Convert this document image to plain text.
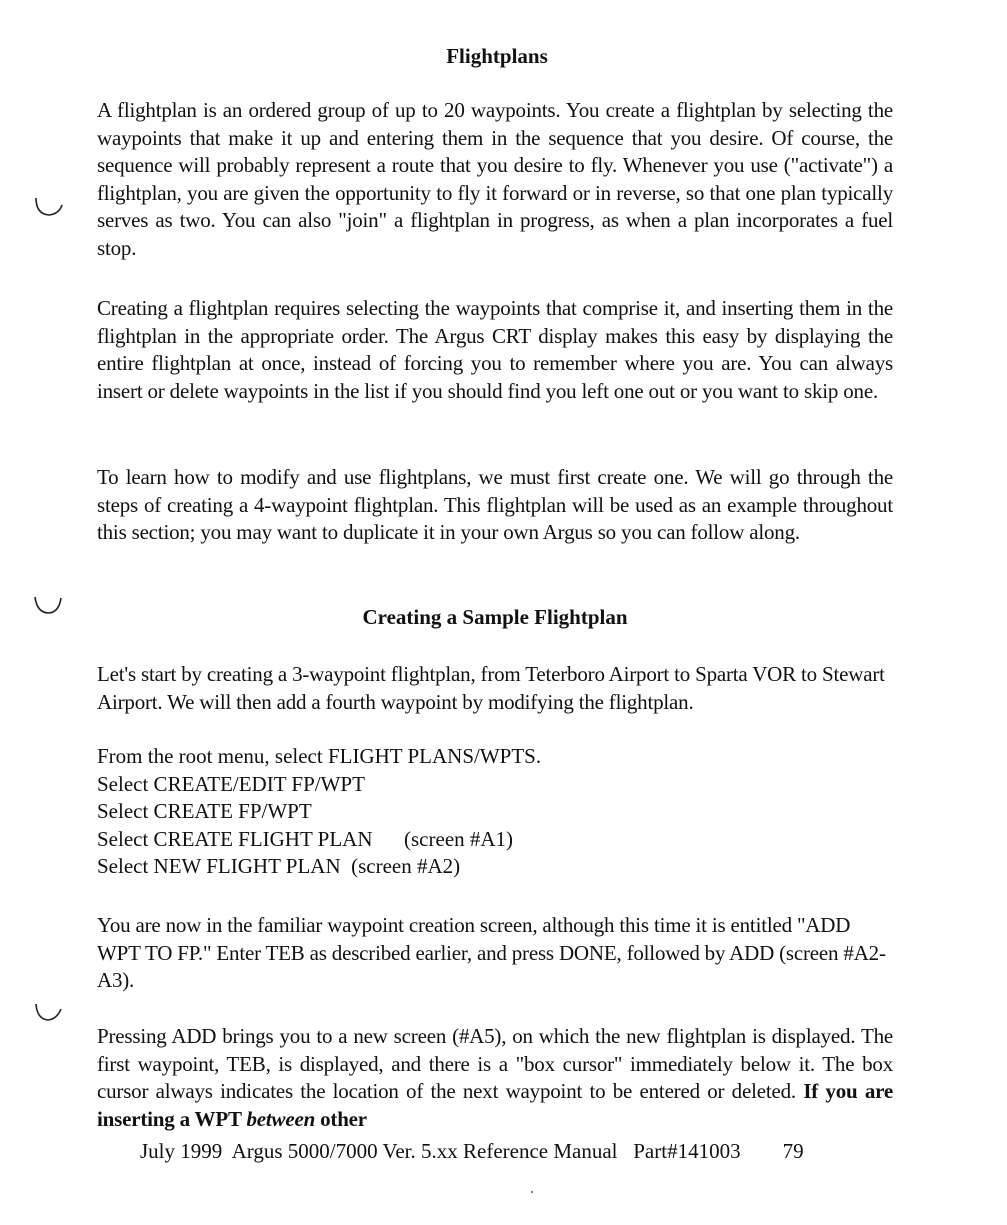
Flightplans

A flightplan is an ordered group of up to 20 waypoints. You create a flightplan by selecting the waypoints that make it up and entering them in the sequence that you desire. Of course, the sequence will probably represent a route that you desire to fly. Whenever you use ("activate") a flightplan, you are given the opportunity to fly it forward or in reverse, so that one plan typically serves as two. You can also "join" a flightplan in progress, as when a plan incorporates a fuel stop.

Creating a flightplan requires selecting the waypoints that comprise it, and inserting them in the flightplan in the appropriate order. The Argus CRT display makes this easy by displaying the entire flightplan at once, instead of forcing you to remember where you are. You can always insert or delete waypoints in the list if you should find you left one out or you want to skip one.

To learn how to modify and use flightplans, we must first create one. We will go through the steps of creating a 4-waypoint flightplan. This flightplan will be used as an example throughout this section; you may want to duplicate it in your own Argus so you can follow along.

Creating a Sample Flightplan

Let's start by creating a 3-waypoint flightplan, from Teterboro Airport to Sparta VOR to Stewart Airport. We will then add a fourth waypoint by modifying the flightplan.

From the root menu, select FLIGHT PLANS/WPTS.
Select CREATE/EDIT FP/WPT
Select CREATE FP/WPT
Select CREATE FLIGHT PLAN      (screen #A1)
Select NEW FLIGHT PLAN  (screen #A2)

You are now in the familiar waypoint creation screen, although this time it is entitled "ADD WPT TO FP." Enter TEB as described earlier, and press DONE, followed by ADD (screen #A2-A3).

Pressing ADD brings you to a new screen (#A5), on which the new flightplan is displayed. The first waypoint, TEB, is displayed, and there is a "box cursor" immediately below it. The box cursor always indicates the location of the next waypoint to be entered or deleted. If you are inserting a WPT between other

July 1999  Argus 5000/7000 Ver. 5.xx Reference Manual   Part#141003        79
